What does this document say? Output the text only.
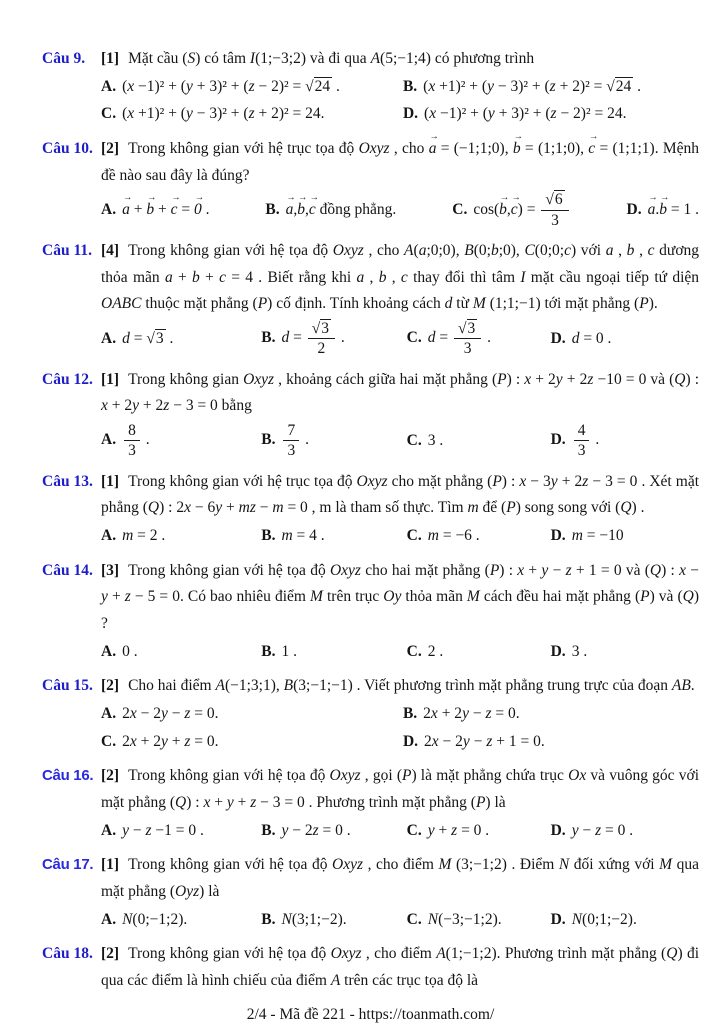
Câu 9.	[1] Mặt cầu (S) có tâm I(1;−3;2) và đi qua A(5;−1;4) có phương trình
A. (x −1)² + (y + 3)² + (z − 2)² = √24 .	B. (x +1)² + (y − 3)² + (z + 2)² = √24 .
C. (x +1)² + (y − 3)² + (z + 2)² = 24.	D. (x −1)² + (y + 3)² + (z − 2)² = 24.
Câu 10. [2] Trong không gian với hệ trục tọa độ Oxyz , cho a
→
= (−1;1;0), b
→
= (1;1;0), c
→
= (1;1;1). Mệnh đề nào sau đây là đúng?
A. a
→
+ b
→
+ c
→
= 0
→
.	B. a
→
,b
→
,c
→
đồng phẳng.	C. cos(b
→
,c
→
) = $\frac{√6}{3}$	D. a
→
.b
→
= 1 .
Câu 11. [4] Trong không gian với hệ tọa độ Oxyz , cho A(a;0;0), B(0;b;0), C(0;0;c) với a , b , c dương thỏa mãn a + b + c = 4 . Biết rằng khi a , b , c thay đổi thì tâm I mặt cầu ngoại tiếp tứ diện OABC thuộc mặt phẳng (P) cố định. Tính khoảng cách d từ M (1;1;−1) tới mặt phẳng (P).
A. d = √3 .	B. $d = \frac{√3}{2}$ .	C. $d = \frac{√3}{3}$ .	D. d = 0 .
Câu 12. [1] Trong không gian Oxyz , khoảng cách giữa hai mặt phẳng (P) : x + 2y + 2z −10 = 0 và (Q) : x + 2y + 2z − 3 = 0 bằng
A. $\frac{8}{3}$ .	B. $\frac{7}{3}$ .	C. 3 .	D. $\frac{4}{3}$ .
Câu 13. [1] Trong không gian với hệ trục tọa độ Oxyz cho mặt phẳng (P) : x − 3y + 2z − 3 = 0 . Xét mặt phẳng (Q) : 2x − 6y + mz − m = 0 , m là tham số thực. Tìm m để (P) song song với (Q) .
A. m = 2 .	B. m = 4 .	C. m = −6 .	D. m = −10
Câu 14. [3] Trong không gian với hệ tọa độ Oxyz cho hai mặt phẳng (P) : x + y − z + 1 = 0 và (Q) : x − y + z − 5 = 0. Có bao nhiêu điểm M trên trục Oy thỏa mãn M cách đều hai mặt phẳng (P) và (Q) ?
A. 0 .	B. 1 .	C. 2 .	D. 3 .
Câu 15. [2] Cho hai điểm A(−1;3;1), B(3;−1;−1) . Viết phương trình mặt phẳng trung trực của đoạn AB.
A. 2x − 2y − z = 0.	B. 2x + 2y − z = 0.
C. 2x + 2y + z = 0.	D. 2x − 2y − z + 1 = 0.
Câu 16. [2] Trong không gian với hệ tọa độ Oxyz , gọi (P) là mặt phẳng chứa trục Ox và vuông góc với mặt phẳng (Q) : x + y + z − 3 = 0 . Phương trình mặt phẳng (P) là
A. y − z −1 = 0 .	B. y − 2z = 0 .	C. y + z = 0 .	D. y − z = 0 .
Câu 17. [1] Trong không gian với hệ tọa độ Oxyz , cho điểm M (3;−1;2) . Điểm N đối xứng với M qua mặt phẳng (Oyz) là
A. N(0;−1;2).	B. N(3;1;−2).	C. N(−3;−1;2).	D. N(0;1;−2).
Câu 18. [2] Trong không gian với hệ tọa độ Oxyz , cho điểm A(1;−1;2). Phương trình mặt phẳng (Q) đi qua các điểm là hình chiếu của điểm A trên các trục tọa độ là
2/4 - Mã đề 221 - https://toanmath.com/
